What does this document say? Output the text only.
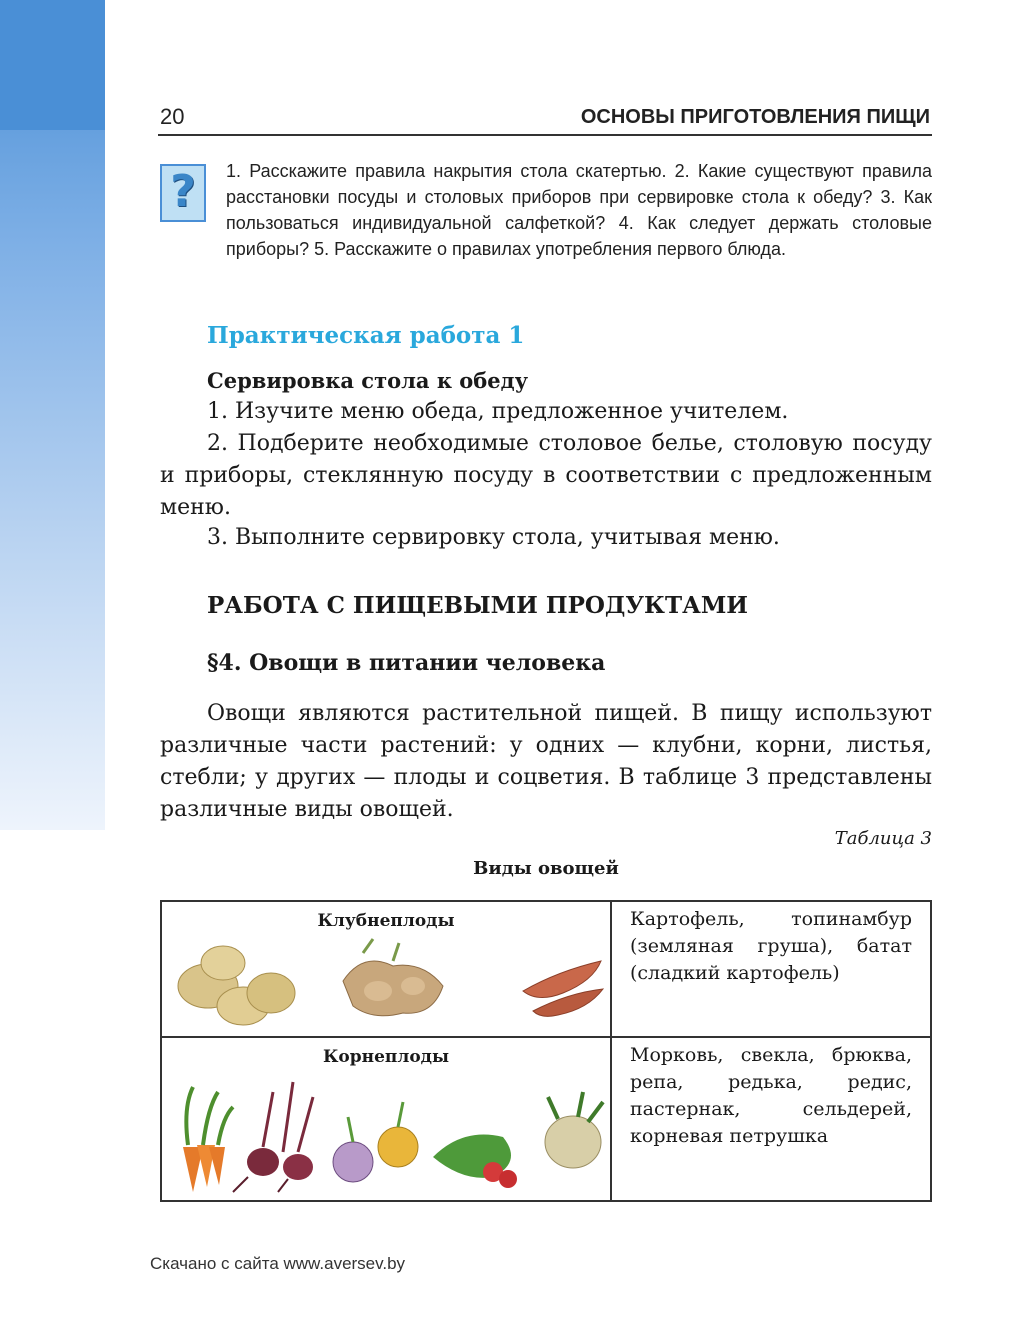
20	ОСНОВЫ ПРИГОТОВЛЕНИЯ ПИЩИ
?	1. Расскажите правила накрытия стола скатертью. 2. Какие существуют правила расстановки посуды и столовых приборов при сервировке стола к обеду? 3. Как пользоваться индивидуальной салфеткой? 4. Как следует держать столовые приборы? 5. Расскажите о правилах употребления первого блюда.
Практическая работа 1
Сервировка стола к обеду
1. Изучите меню обеда, предложенное учителем.
2. Подберите необходимые столовое белье, столовую посуду и приборы, стеклянную посуду в соответствии с предложенным меню.
3. Выполните сервировку стола, учитывая меню.
РАБОТА С ПИЩЕВЫМИ ПРОДУКТАМИ
§4. Овощи в питании человека
Овощи являются растительной пищей. В пищу используют различные части растений: у одних — клубни, корни, листья, стебли; у других — плоды и соцветия. В таблице 3 представлены различные виды овощей.
Таблица 3
Виды овощей
Клубнеплоды	Картофель, топинамбур (земляная груша), батат (сладкий картофель)

Корнеплоды	Морковь, свекла, брюква, репа, редька, редис, пастернак, сельдерей, корневая петрушка
Скачано с сайта www.aversev.by
